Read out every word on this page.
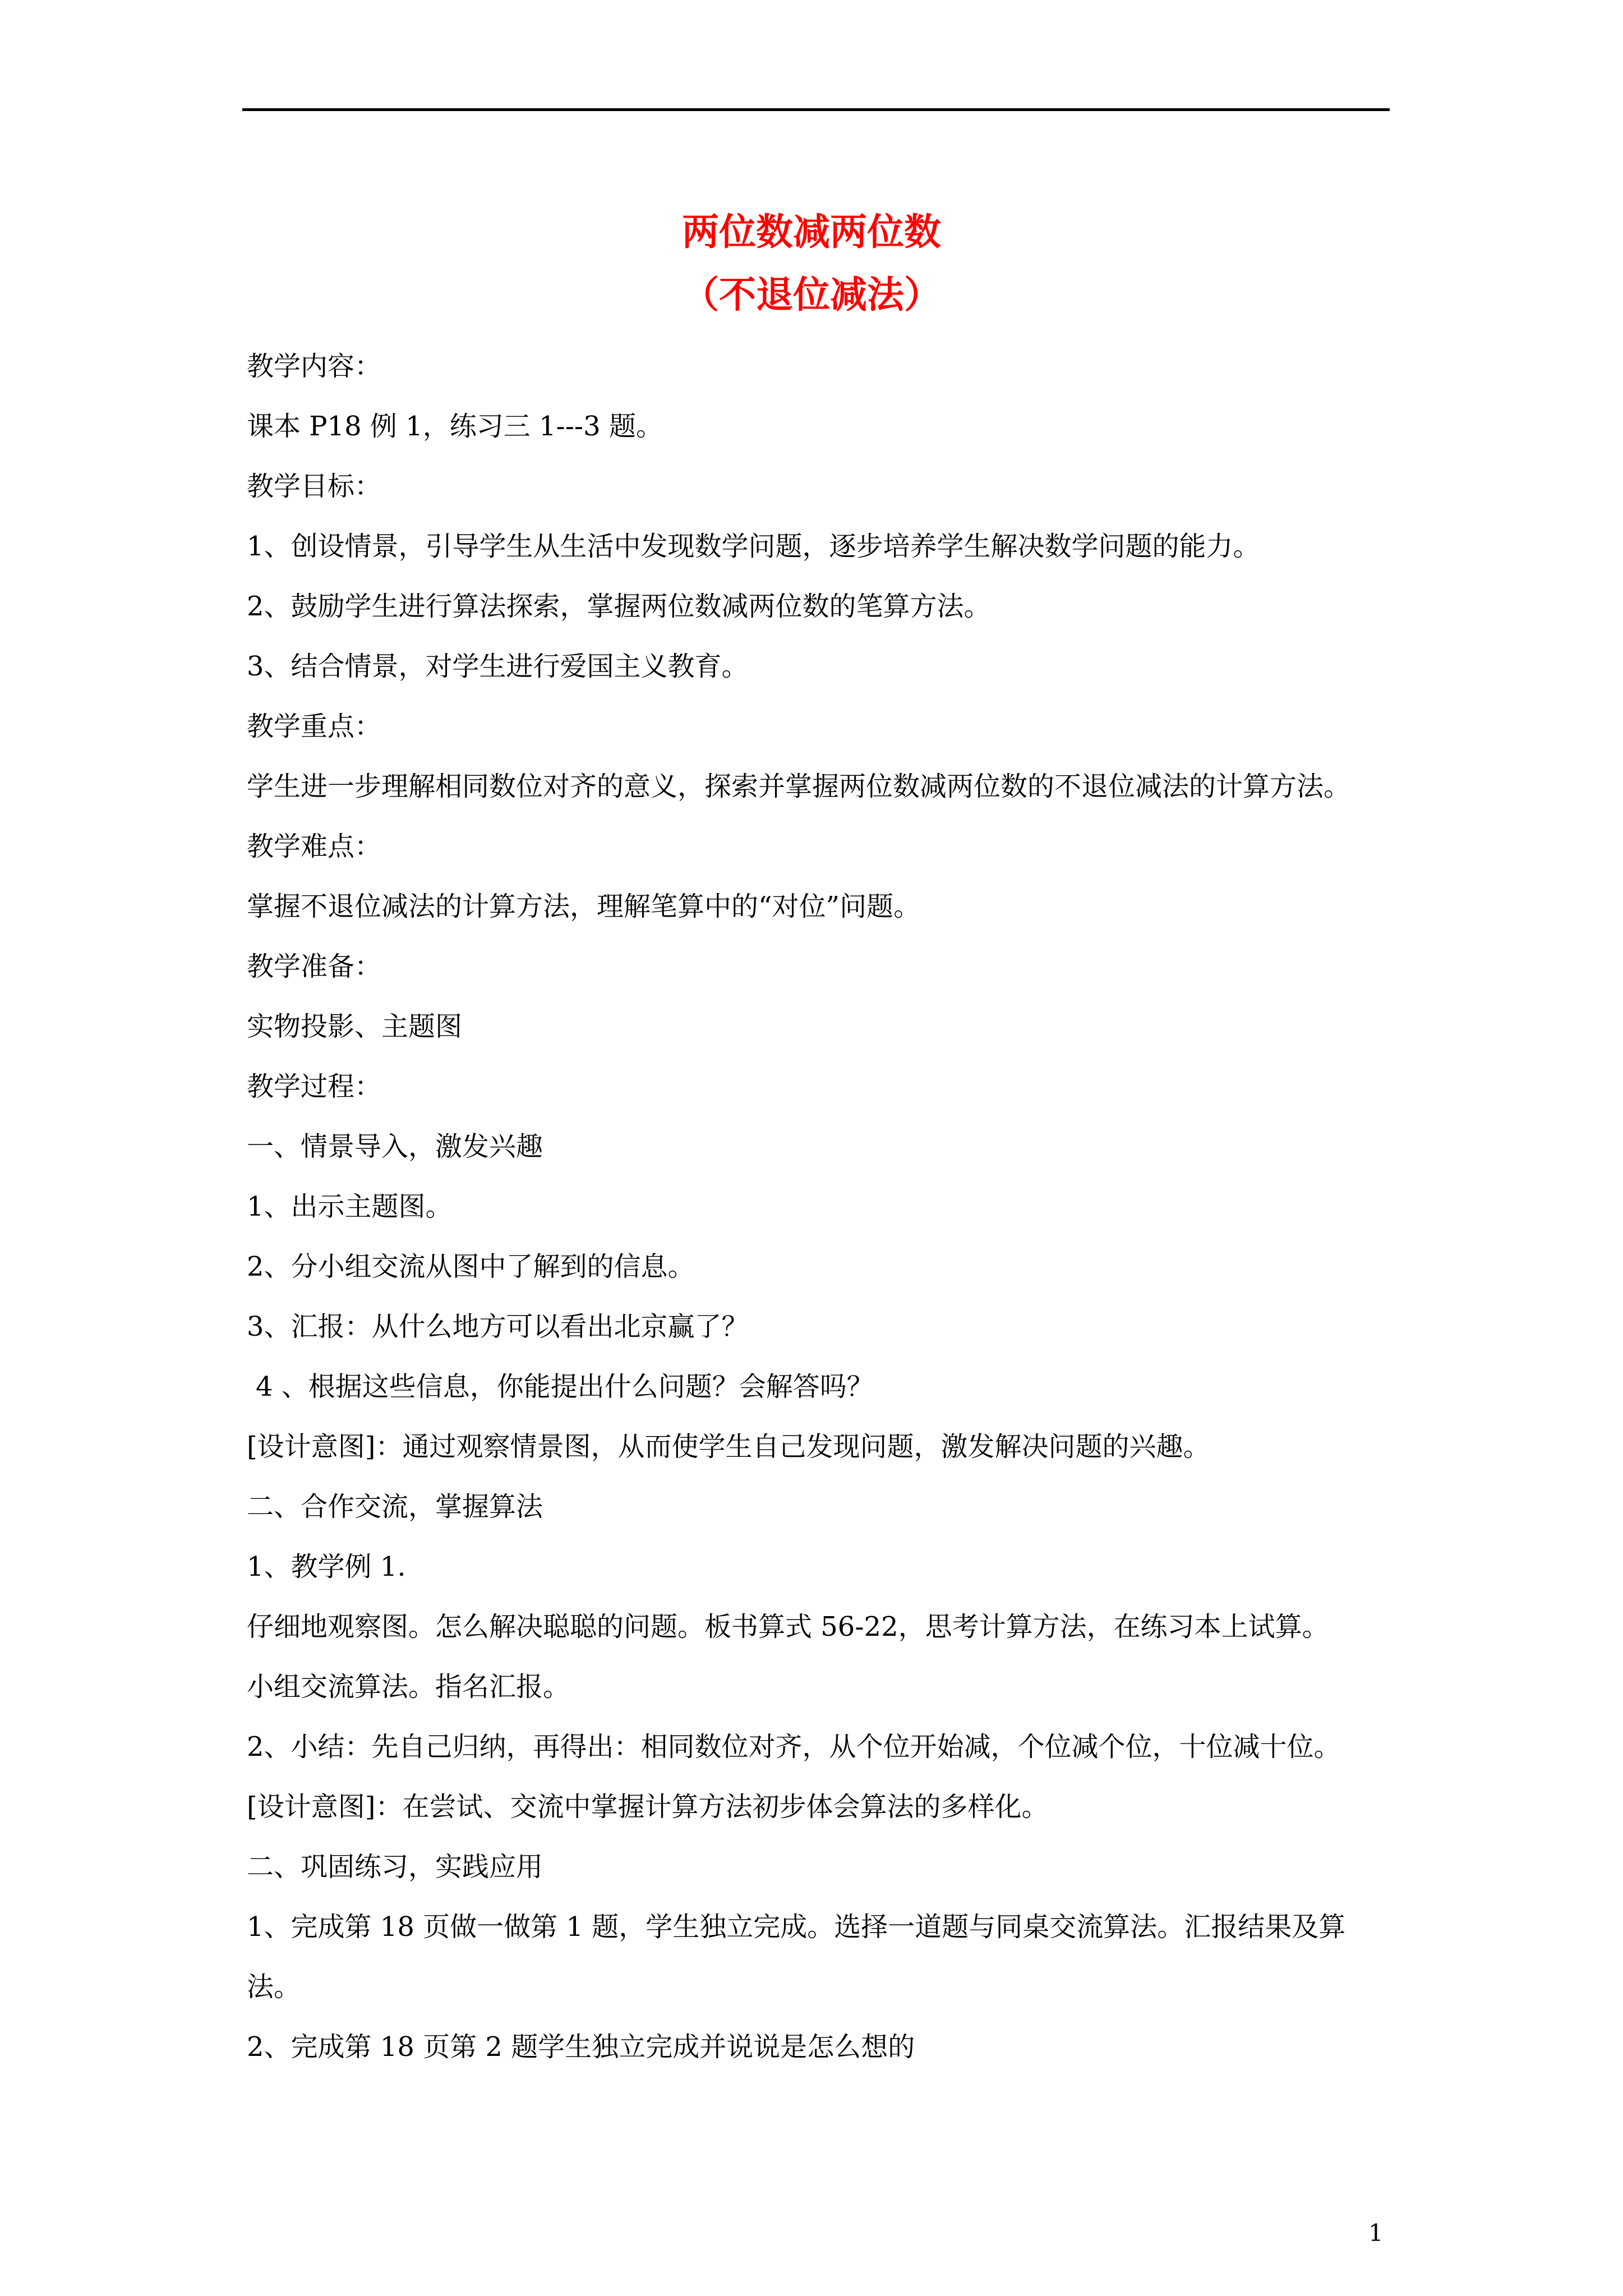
两位数减两位数
（不退位减法）
教学内容：
课本 P18 例 1，练习三 1---3 题。
教学目标：
1、创设情景，引导学生从生活中发现数学问题，逐步培养学生解决数学问题的能力。
2、鼓励学生进行算法探索，掌握两位数减两位数的笔算方法。
3、结合情景，对学生进行爱国主义教育。
教学重点：
学生进一步理解相同数位对齐的意义，探索并掌握两位数减两位数的不退位减法的计算方法。
教学难点：
掌握不退位减法的计算方法，理解笔算中的“对位”问题。
教学准备：
实物投影、主题图
教学过程：
一、情景导入，激发兴趣
1、出示主题图。
2、分小组交流从图中了解到的信息。
3、汇报：从什么地方可以看出北京赢了？
4 、根据这些信息，你能提出什么问题？会解答吗？
[设计意图]：通过观察情景图，从而使学生自己发现问题，激发解决问题的兴趣。
二、合作交流，掌握算法
1、教学例 1.
仔细地观察图。怎么解决聪聪的问题。板书算式 56-22，思考计算方法，在练习本上试算。
小组交流算法。指名汇报。
2、小结：先自己归纳，再得出：相同数位对齐，从个位开始减，个位减个位，十位减十位。
[设计意图]：在尝试、交流中掌握计算方法初步体会算法的多样化。
二、巩固练习，实践应用
1、完成第 18 页做一做第 1 题，学生独立完成。选择一道题与同桌交流算法。汇报结果及算
法。
2、完成第 18 页第 2 题学生独立完成并说说是怎么想的
1
